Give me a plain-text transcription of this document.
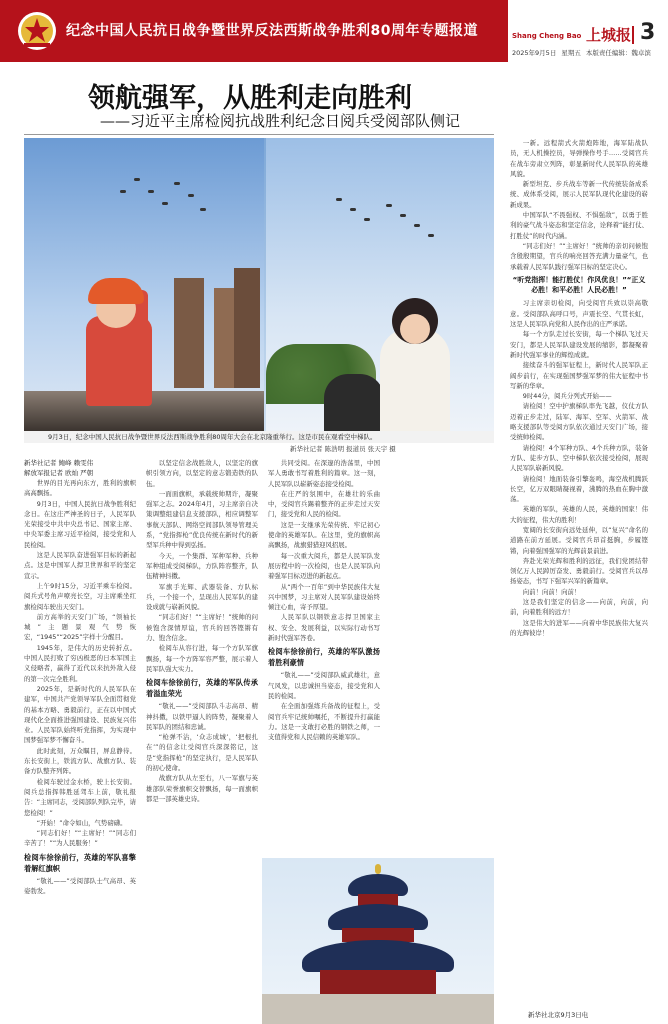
纪念中国人民抗日战争暨世界反法西斯战争胜利80周年专题报道	Shang Cheng Bao 上城报 3
2025年9月5日 星期五 本版责任编辑：魏卓滨
领航强军，从胜利走向胜利
——习近平主席检阅抗战胜利纪念日阅兵受阅部队侧记
9月3日，纪念中国人民抗日战争暨世界反法西斯战争胜利80周年大会在北京隆重举行。这是市民在观看空中梯队。
新华社记者 陈浩明 报道员 张天宇 摄

新华社记者 鲍峰 赖雯伟
解放军报记者 欧灿 严朝

世界的目光再向东方，胜利的旗帜高高飘扬。

9月3日，中国人民抗日战争胜利纪念日。在这庄严神圣的日子，人民军队光荣接受中共中央总书记、国家主席、中央军委主席习近平检阅，接受党和人民检阅。

这是人民军队奋进强军目标的新起点。这是中国军人捍卫世界和平的坚定宣示。

上午9时15分，习近平乘车检阅。阅兵式号角声嘹亮长空，习主席乘坐红旗检阅车驶出天安门。

前方高举的天安门广场，“领袖长城”主题景观气势恢宏，“1945”“2025”字样十分醒目。

1945年，是伟大的历史转折点。中国人民打败了穷凶极恶的日本军国主义侵略者，赢得了近代以来抗外敌入侵的第一次完全胜利。

2025年，是新时代的人民军队在建军，中国共产党领导军队全面贯彻党的基本方略、勇毅前行，正在以中国式现代化全面推进强国建设、民族复兴伟业。人民军队始终听党指挥，为实现中国梦强军梦不懈奋斗。

此时此刻，万众瞩目，屏息静待。东长安街上，铁流方队、战旗方队、装备方队整齐列阵。

检阅车驶过金水桥，驶上长安街。阅兵总指挥韩胜延驾车上前，敬礼报告：“主席同志，受阅部队列队完毕，请您检阅！”

“开始！”命令如山，气势磅礴。

“同志们好！”“主席好！”“同志们辛苦了！”“为人民服务！”

检阅车徐徐前行，英雄的军队喜擎着解红旗帜

“敬礼——”受阅部队士气高昂、英姿勃发。

以坚定信念战胜敌人，以坚定的旗帜引领方向，以坚定的意志锻造铁的队伍。

一面面旗帜，承载统帅期许，凝聚强军之志。2024年4月，习主席亲自决策调整组建信息支援部队，相应调整军事航天部队、网络空间部队领导管理关系，“党指挥枪”优良传统在新时代的新型军兵种中得到弘扬。

今天，一个集群、军种军种、兵种军种组成受阅梯队，方队阵容整齐，队伍精神抖擞。

军旗手光辉、武器装备、方队标兵，一个接一个，呈现出人民军队的建设成就与崭新风貌。

“同志们好！”“主席好！”统帅的问候饱含深情厚谊，官兵的回答铿锵有力、饱含信念。

检阅车从容行进，每一个方队军旗飘扬，每一个方阵军容严整，展示着人民军队强大实力。

检阅车徐徐前行，英雄的军队传承着溢血荣光

“敬礼——”受阅部队斗志高昂、精神抖擞，以铁甲逼人的阵势，凝聚着人民军队的团结和忠诚。

“枪弹不沾，‘众志成城’，‘把根扎在’”的信念让受阅官兵深深铭记，这是“党指挥枪”的坚定执行，是人民军队的初心使命。

战旗方队从左至右，八一军旗与英雄部队荣誉旗帜交替飘扬，每一面旗帜都是一部英雄史诗。

共同受阅。在深邃的浩荡里，中国军人勇敢书写着胜利的篇章。这一刻，人民军队以崭新姿态接受检阅。

在庄严的氛围中，在雄壮的乐曲中，受阅官兵踢着整齐的正步走过天安门，接受党和人民的检阅。

这是一支继承光荣传统、牢记初心使命的英雄军队。在这里，党的旗帜高高飘扬，战旗猎猎迎风招展。

每一次重大阅兵，都是人民军队发展历程中的一次检阅，也是人民军队向着强军目标迈进的新起点。

从“两个一百年”到中华民族伟大复兴中国梦，习主席对人民军队建设始终倾注心血，寄予厚望。

人民军队以钢铁意志捍卫国家主权、安全、发展利益，以实际行动书写新时代强军答卷。

检阅车徐徐前行，英雄的军队激扬着胜利豪情

“敬礼——”受阅部队威武雄壮，意气风发，以忠诚担当姿态，接受党和人民的检阅。

在全面加强练兵备战的征程上，受阅官兵牢记统帅嘱托，不断提升打赢能力。这是一支敢打必胜的钢铁之师，一支值得党和人民信赖的英雄军队。

一新。远程箭式火箭炮阵地，海军陆战队员，无人机操控员，导弹操作号手……受阅官兵在战车旁肃立列阵，彰显新时代人民军队的英雄风貌。

新型坦克、步兵战车等新一代传统装备成系统、成体系受阅，展示人民军队现代化建设的崭新成果。

中国军队“不畏强权、不惧强敌”，以勇于胜利的豪气战斗姿态和坚定信念，诠释着“能打仗、打胜仗”的时代内涵。

“同志们好！”“主席好！”统帅的亲切问候饱含殷殷期望，官兵的响亮回答充满力量豪气，也承载着人民军队践行强军目标的坚定决心。

“听党指挥！能打胜仗！作风优良！”“正义必胜！和平必胜！人民必胜！”

习主席亲切检阅，向受阅官兵致以崇高敬意。受阅部队高呼口号，声震长空、气贯长虹，这是人民军队向党和人民作出的庄严承诺。

每一个方队走过长安街，每一个梯队飞过天安门，都是人民军队建设发展的缩影，都凝聚着新时代强军事业的辉煌成就。

接续奋斗的强军征程上，新时代人民军队正阔步前行，在实现强国梦强军梦的伟大征程中书写新的华章。

9时44分，阅兵分列式开始——

请检阅！空中护旗梯队率先飞越，仪仗方队迈着正步走过，陆军、海军、空军、火箭军、战略支援部队等受阅方队依次通过天安门广场，接受统帅检阅。

请检阅！4个军种方队、4个兵种方队，装备方队、徒步方队、空中梯队依次接受检阅，展现人民军队崭新风貌。

请检阅！地面装备引擎轰鸣，海空战机腾跃长空，亿万双眼睛凝视着，沸腾的热血在胸中激荡。

英雄的军队，英雄的人民，英雄的国家！伟大的征程，伟大的胜利！

宽阔的长安街向远处延伸，以“复兴”命名的道路在前方延展。受阅官兵昂首挺胸，步履铿锵，向着强国强军的光辉前景前进。

奔赴光荣光辉和胜利的远征，我们党团结带领亿万人民踔厉奋发、勇毅前行。受阅官兵以昂扬姿态，书写下强军兴军的新篇章。

向前！向前！向前！

这是我们坚定的信念——向前，向前，向前，向着胜利的远方！

这是伟大的进军——向着中华民族伟大复兴的光辉彼岸！

新华社北京9月3日电
